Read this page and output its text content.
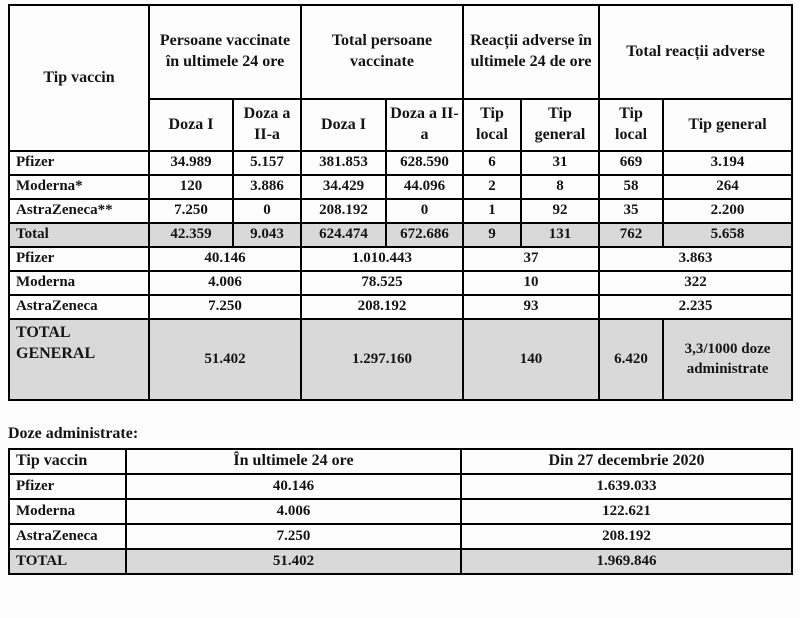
Tip vaccin	Persoane vaccinate în ultimele 24 ore		Total persoane vaccinate		Reacții adverse în ultimele 24 de ore		Total reacții adverse	
	Doza I	Doza a II-a	Doza I	Doza a II-a	Tip local	Tip general	Tip local	Tip general
Pfizer	34.989	5.157	381.853	628.590	6	31	669	3.194
Moderna*	120	3.886	34.429	44.096	2	8	58	264
AstraZeneca**	7.250	0	208.192	0	1	92	35	2.200
Total	42.359	9.043	624.474	672.686	9	131	762	5.658
Pfizer	40.146		1.010.443		37		3.863	
Moderna	4.006		78.525		10		322	
AstraZeneca	7.250		208.192		93		2.235	
TOTAL GENERAL	51.402		1.297.160		140		6.420	3,3/1000 doze administrate
Doze administrate:
Tip vaccin	În ultimele 24 ore	Din 27 decembrie 2020
Pfizer	40.146	1.639.033
Moderna	4.006	122.621
AstraZeneca	7.250	208.192
TOTAL	51.402	1.969.846
